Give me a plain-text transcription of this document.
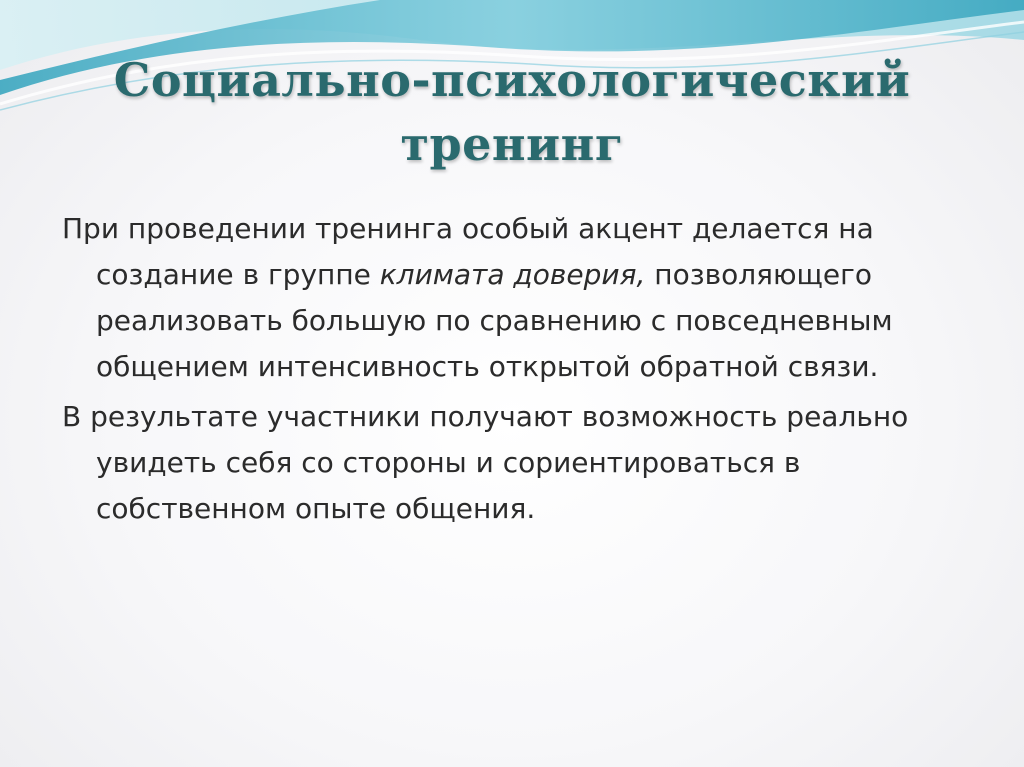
Социально-психологический
тренинг

При проведении тренинга особый акцент делается на создание в группе климата доверия, позволяющего реализовать большую по сравнению с повседневным общением интенсивность открытой обратной связи.

В результате участники получают возможность реально увидеть себя со стороны и сориентироваться в собственном опыте общения.
